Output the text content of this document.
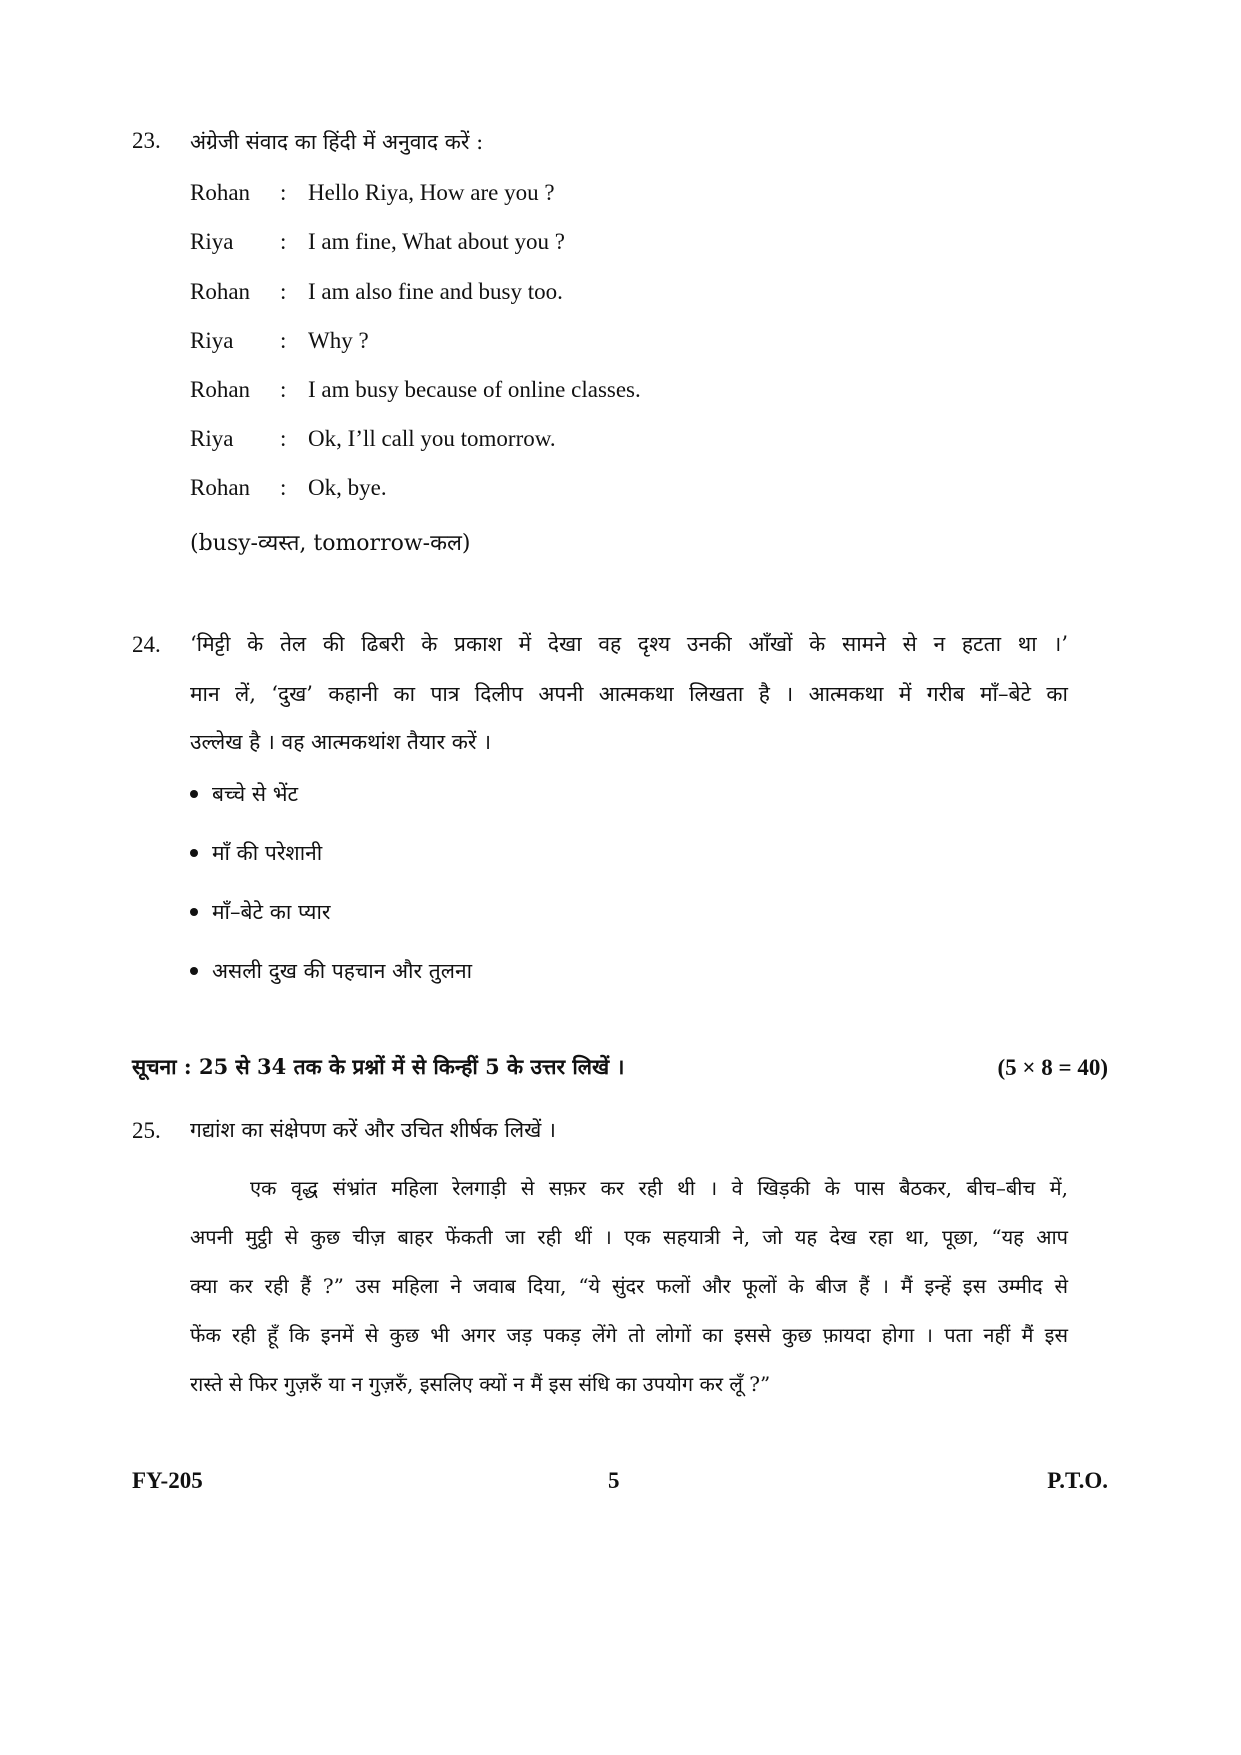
23. अंग्रेजी संवाद का हिंदी में अनुवाद करें :
Rohan : Hello Riya, How are you ?
Riya : I am fine, What about you ?
Rohan : I am also fine and busy too.
Riya : Why ?
Rohan : I am busy because of online classes.
Riya : Ok, I’ll call you tomorrow.
Rohan : Ok, bye.
(busy-व्यस्त, tomorrow-कल)
24. ‘मिट्टी के तेल की ढिबरी के प्रकाश में देखा वह दृश्य उनकी आँखों के सामने से न हटता था ।’
मान लें, ‘दुख’ कहानी का पात्र दिलीप अपनी आत्मकथा लिखता है । आत्मकथा में गरीब माँ–बेटे का
उल्लेख है । वह आत्मकथांश तैयार करें ।
बच्चे से भेंट
माँ की परेशानी
माँ–बेटे का प्यार
असली दुख की पहचान और तुलना
सूचना : 25 से 34 तक के प्रश्नों में से किन्हीं 5 के उत्तर लिखें ।	(5 × 8 = 40)
25. गद्यांश का संक्षेपण करें और उचित शीर्षक लिखें ।
एक वृद्ध संभ्रांत महिला रेलगाड़ी से सफ़र कर रही थी । वे खिड़की के पास बैठकर, बीच–बीच में,
अपनी मुट्ठी से कुछ चीज़ बाहर फेंकती जा रही थीं । एक सहयात्री ने, जो यह देख रहा था, पूछा, “यह आप
क्या कर रही हैं ?” उस महिला ने जवाब दिया, “ये सुंदर फलों और फूलों के बीज हैं । मैं इन्हें इस उम्मीद से
फेंक रही हूँ कि इनमें से कुछ भी अगर जड़ पकड़ लेंगे तो लोगों का इससे कुछ फ़ायदा होगा । पता नहीं मैं इस
रास्ते से फिर गुज़रुँ या न गुज़रुँ, इसलिए क्यों न मैं इस संधि का उपयोग कर लूँ ?”
FY-205	5	P.T.O.
